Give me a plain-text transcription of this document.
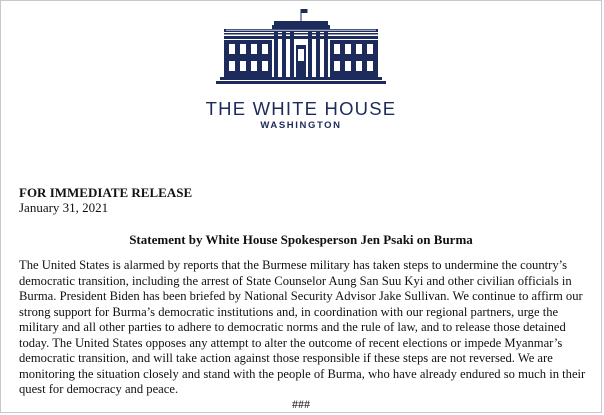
THE WHITE HOUSE
WASHINGTON
FOR IMMEDIATE RELEASE
January 31, 2021
Statement by White House Spokesperson Jen Psaki on Burma
The United States is alarmed by reports that the Burmese military has taken steps to undermine the country’s democratic transition, including the arrest of State Counselor Aung San Suu Kyi and other civilian officials in Burma. President Biden has been briefed by National Security Advisor Jake Sullivan. We continue to affirm our strong support for Burma’s democratic institutions and, in coordination with our regional partners, urge the military and all other parties to adhere to democratic norms and the rule of law, and to release those detained today. The United States opposes any attempt to alter the outcome of recent elections or impede Myanmar’s democratic transition, and will take action against those responsible if these steps are not reversed. We are monitoring the situation closely and stand with the people of Burma, who have already endured so much in their quest for democracy and peace.
###
